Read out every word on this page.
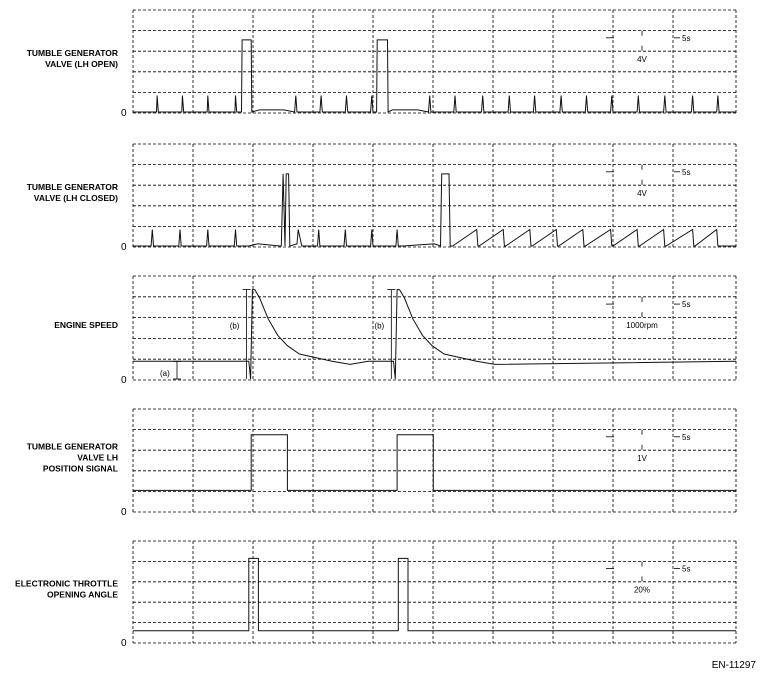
TUMBLE GENERATOR
VALVE (LH OPEN)
0
5s
4V
TUMBLE GENERATOR
VALVE (LH CLOSED)
0
5s
4V
ENGINE SPEED
0
5s
1000rpm
(a)
(b)	(b)
TUMBLE GENERATOR
VALVE LH
POSITION SIGNAL
0
5s
1V
ELECTRONIC THROTTLE
OPENING ANGLE
0
5s
20%
EN-11297
